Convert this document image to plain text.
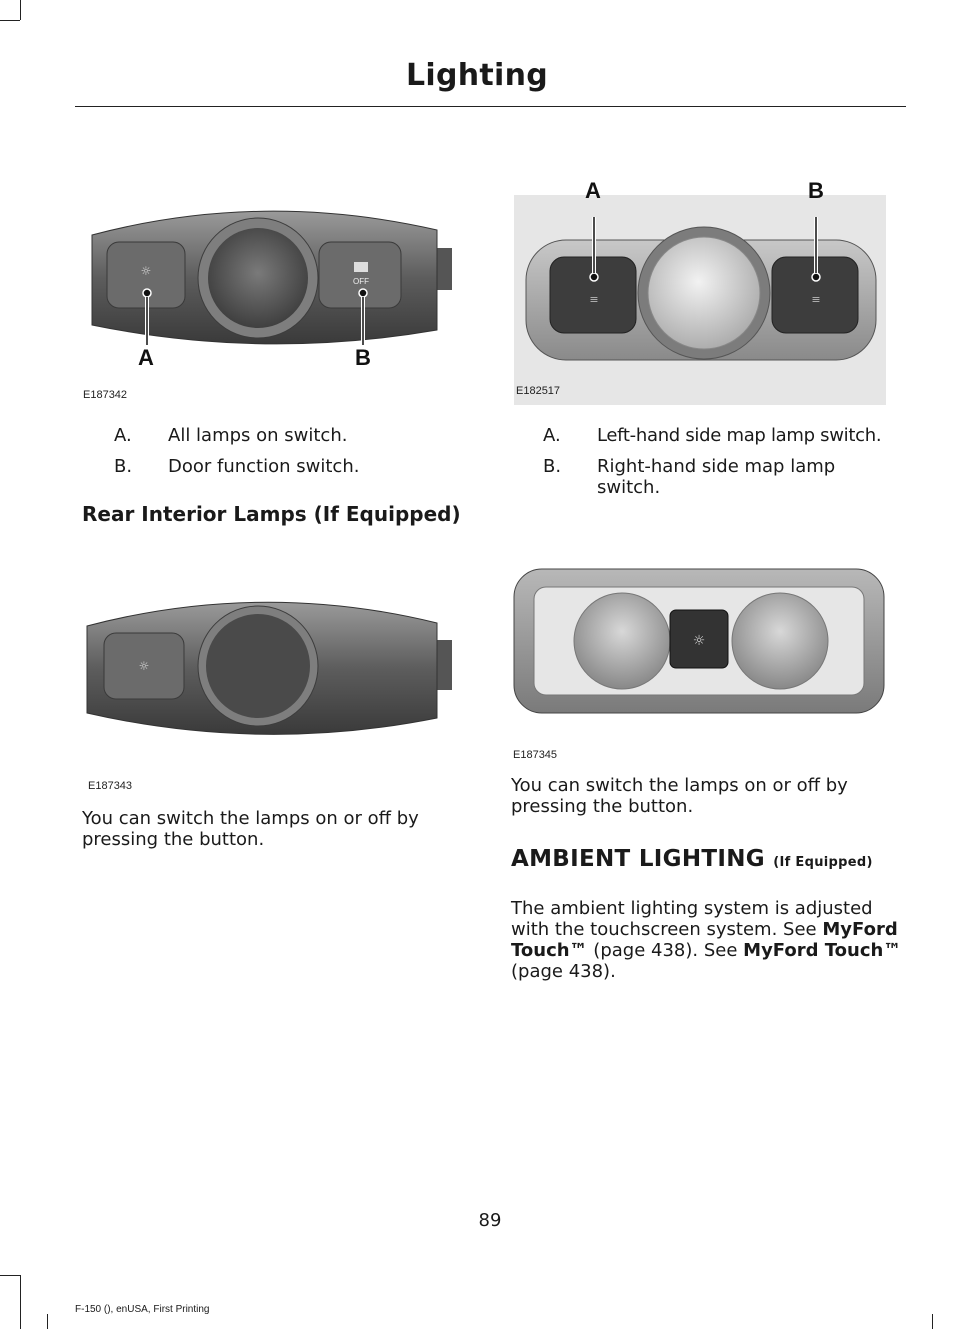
Lighting
☼
OFF
A	B
E187342
≡	≡
A	B
E182517
A. All lamps on switch.
B. Door function switch.
A. Left-hand side map lamp switch.
B. Right-hand side map lamp switch.
Rear Interior Lamps (If Equipped)
☼
E187343
☼
E187345
You can switch the lamps on or off by pressing the button.
You can switch the lamps on or off by pressing the button.
AMBIENT LIGHTING (If Equipped)
The ambient lighting system is adjusted with the touchscreen system. See MyFord Touch™ (page 438). See MyFord Touch™ (page 438).
89
F-150 (), enUSA, First Printing
